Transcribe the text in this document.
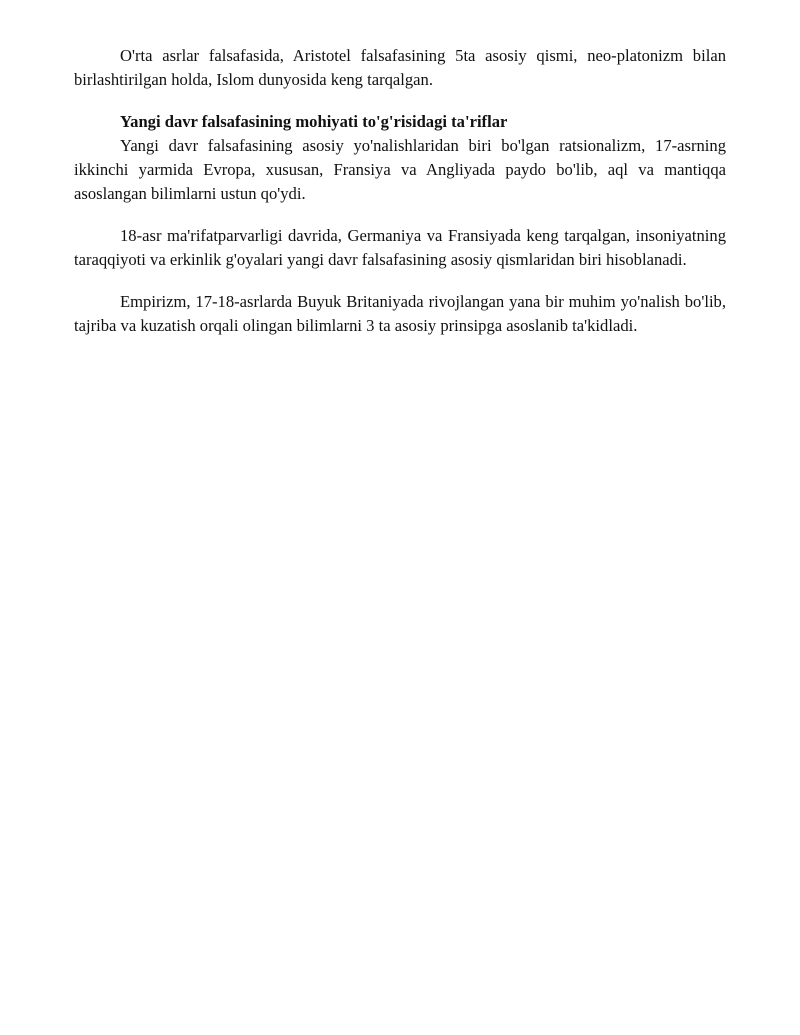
O'rta asrlar falsafasida, Aristotel falsafasining 5ta asosiy qismi, neo-platonizm bilan birlashtirilgan holda, Islom dunyosida keng tarqalgan.

Yangi davr falsafasining mohiyati to'g'risidagi ta'riflar

Yangi davr falsafasining asosiy yo'nalishlaridan biri bo'lgan ratsionalizm, 17-asrning ikkinchi yarmida Evropa, xususan, Fransiya va Angliyada paydo bo'lib, aql va mantiqqa asoslangan bilimlarni ustun qo'ydi.

18-asr ma'rifatparvarligi davrida, Germaniya va Fransiyada keng tarqalgan, insoniyatning taraqqiyoti va erkinlik g'oyalari yangi davr falsafasining asosiy qismlaridan biri hisoblanadi.

Empirizm, 17-18-asrlarda Buyuk Britaniyada rivojlangan yana bir muhim yo'nalish bo'lib, tajriba va kuzatish orqali olingan bilimlarni 3 ta asosiy prinsipga asoslanib ta'kidladi.
